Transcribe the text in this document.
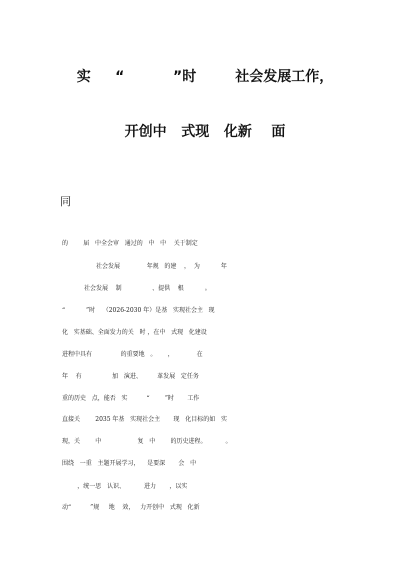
实     “          ”时        社会发展工作，
开创中   式现   化新    面
同
的        届   中全会审   通过的   中   中    关于制定
社会发展              年规   的建    ，  为           年
社会发展    制                、提供    根           。
“           ”时    （2026-2030 年）是基   实现社会主   现
化   实基础、全面发力的关   时 ，在中   式现   化建设
进程中具有               的重要地   。      ，            在
年    有                加   演进、        革发展   定任务
重的历史   点，能否   实          “        ”时       工作
直接关        2035 年基   实现社会主       现   化目标的如   实
现，关        中                   复   中        的历史进程。          。
围绕   一重   主题开展学习，    是要深       会   中
，统一思   认识、          进力       ，以实
动“          ”规     地    效，   力开创中   式现   化新
